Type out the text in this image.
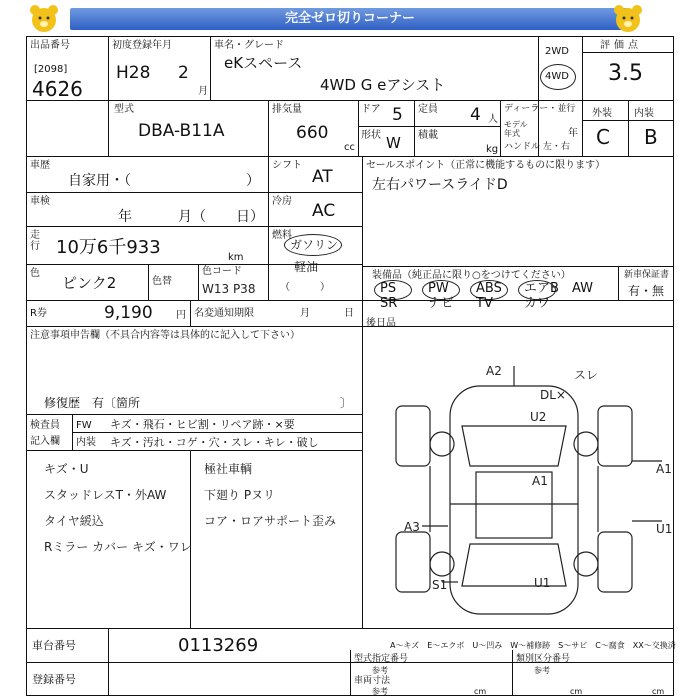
完全ゼロ切りコーナー
出品番号
[2098]
4626
初度登録年月
H28 2
月
車名・グレード
eKスペース
4WD G eアシスト
2WD
4WD
評価点
3.5
型式
DBA-B11A
排気量
660
cc
ドア 5
形状 W
定員 4 人
積載
kg
ディーラー・並行
モデル 年式	年
ハンドル 左・右
外装 内装
C B
車歴
自家用・（	）
シフト
AT
車検
年	月（ 日）
冷房 AC
走行 10万6千933	km
燃料
ガソリン
軽油
（　　　）
色
ピンク2	色替
色コード
W13 P38
セールスポイント（正常に機能するものに限ります）
左右パワースライドD
装備品（純正品に限り○をつけてください）	新車保証書
有・無
PS PW ABS エアB AW
SR ナビ TV カワ
R券	9,190 円 名変通知期限	月	日
後日品
注意事項申告欄（不具合内容等は具体的に記入して下さい）
修復歴　有〔箇所	〕
検査員
記入欄
FW
内装
キズ・飛石・ヒビ割・リペア跡・×要
キズ・汚れ・コゲ・穴・スレ・キレ・破し
キズ・U
スタッドレスT・外AW
タイヤ緩込
Rミラー カバー キズ・ワレ
極社車輌
下廻り Pヌリ
コア・ロアサポート歪み
A2	スレ
DL×
U2
A1
A1
U1
A3
S1	U1
A～キズ　E～エクボ　U～凹み　W～補修跡　S～サビ　C～腐食　XX～交換済
車台番号	0113269
登録番号
型式指定番号
参考
類別区分番号
参考
車両寸法
参考	cm	cm	cm
